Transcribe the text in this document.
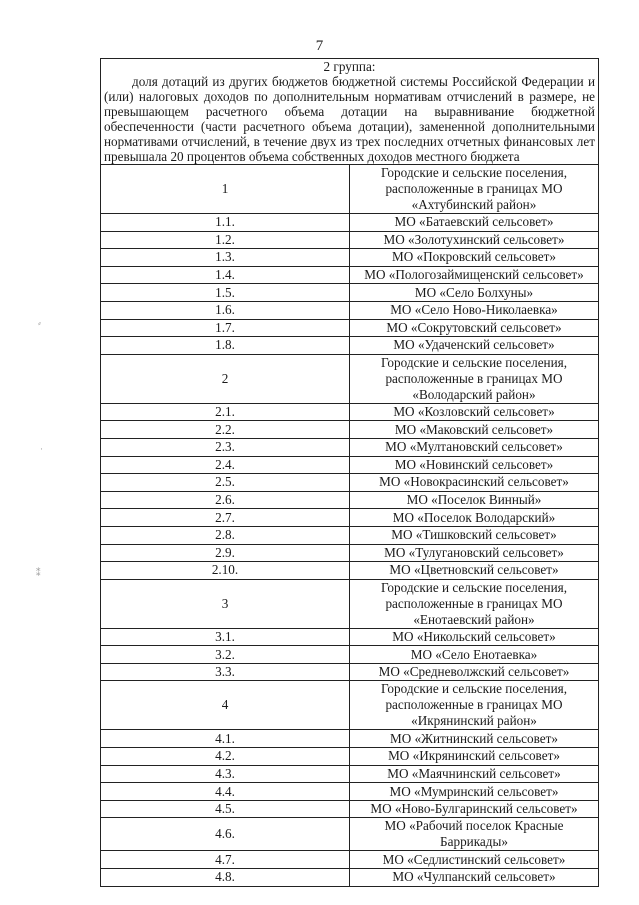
7
⸗
·
⁑
2 группа:
доля дотаций из других бюджетов бюджетной системы Российской Федерации и (или) налоговых доходов по дополнительным нормативам отчислений в размере, не превышающем расчетного объема дотации на выравнивание бюджетной обеспеченности (части расчетного объема дотации), замененной дополнительными нормативами отчислений, в течение двух из трех последних отчетных финансовых лет превышала 20 процентов объема собственных доходов местного бюджета	

1	Городские и сельские поселения, расположенные в границах МО «Ахтубинский район»
1.1.	МО «Батаевский сельсовет»
1.2.	МО «Золотухинский сельсовет»
1.3.	МО «Покровский сельсовет»
1.4.	МО «Пологозаймищенский сельсовет»
1.5.	МО «Село Болхуны»
1.6.	МО «Село Ново-Николаевка»
1.7.	МО «Сокрутовский сельсовет»
1.8.	МО «Удаченский сельсовет»
2	Городские и сельские поселения, расположенные в границах МО «Володарский район»
2.1.	МО «Козловский сельсовет»
2.2.	МО «Маковский сельсовет»
2.3.	МО «Мултановский сельсовет»
2.4.	МО «Новинский сельсовет»
2.5.	МО «Новокрасинский сельсовет»
2.6.	МО «Поселок Винный»
2.7.	МО «Поселок Володарский»
2.8.	МО «Тишковский сельсовет»
2.9.	МО «Тулугановский сельсовет»
2.10.	МО «Цветновский сельсовет»
3	Городские и сельские поселения, расположенные в границах МО «Енотаевский район»
3.1.	МО «Никольский сельсовет»
3.2.	МО «Село Енотаевка»
3.3.	МО «Средневолжский сельсовет»
4	Городские и сельские поселения, расположенные в границах МО «Икрянинский район»
4.1.	МО «Житнинский сельсовет»
4.2.	МО «Икрянинский сельсовет»
4.3.	МО «Маячнинский сельсовет»
4.4.	МО «Мумринский сельсовет»
4.5.	МО «Ново-Булгаринский сельсовет»
4.6.	МО «Рабочий поселок Красные Баррикады»
4.7.	МО «Седлистинский сельсовет»
4.8.	МО «Чулпанский сельсовет»
